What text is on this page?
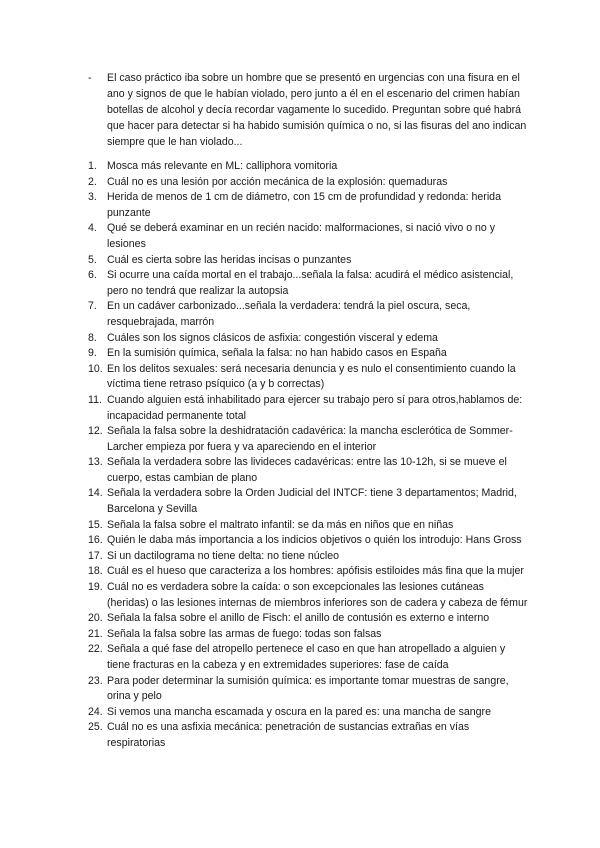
- El caso práctico iba sobre un hombre que se presentó en urgencias con una fisura en el ano y signos de que le habían violado, pero junto a él en el escenario del crimen habían botellas de alcohol y decía recordar vagamente lo sucedido. Preguntan sobre qué habrá que hacer para detectar si ha habido sumisión química o no, si las fisuras del ano indican siempre que le han violado...
1. Mosca más relevante en ML: calliphora vomitoria
2. Cuál no es una lesión por acción mecánica de la explosión: quemaduras
3. Herida de menos de 1 cm de diámetro, con 15 cm de profundidad y redonda: herida punzante
4. Qué se deberá examinar en un recién nacido: malformaciones, si nació vivo o no y lesiones
5. Cuál es cierta sobre las heridas incisas o punzantes
6. Si ocurre una caída mortal en el trabajo...señala la falsa: acudirá el médico asistencial, pero no tendrá que realizar la autopsia
7. En un cadáver carbonizado...señala la verdadera: tendrá la piel oscura, seca, resquebrajada, marrón
8. Cuáles son los signos clásicos de asfixia: congestión visceral y edema
9. En la sumisión química, señala la falsa: no han habido casos en España
10. En los delitos sexuales: será necesaria denuncia y es nulo el consentimiento cuando la víctima tiene retraso psíquico (a y b correctas)
11. Cuando alguien está inhabilitado para ejercer su trabajo pero sí para otros,hablamos de: incapacidad permanente total
12. Señala la falsa sobre la deshidratación cadavérica: la mancha esclerótica de Sommer-Larcher empieza por fuera y va apareciendo en el interior
13. Señala la verdadera sobre las livideces cadavéricas: entre las 10-12h, si se mueve el cuerpo, estas cambian de plano
14. Señala la verdadera sobre la Orden Judicial del INTCF: tiene 3 departamentos; Madrid, Barcelona y Sevilla
15. Señala la falsa sobre el maltrato infantil: se da más en niños que en niñas
16. Quién le daba más importancia a los indicios objetivos o quién los introdujo: Hans Gross
17. Si un dactilograma no tiene delta: no tiene núcleo
18. Cuál es el hueso que caracteriza a los hombres: apófisis estiloides más fina que la mujer
19. Cuál no es verdadera sobre la caída: o son excepcionales las lesiones cutáneas (heridas) o las lesiones internas de miembros inferiores son de cadera y cabeza de fémur
20. Señala la falsa sobre el anillo de Fisch: el anillo de contusión es externo e interno
21. Señala la falsa sobre las armas de fuego: todas son falsas
22. Señala a qué fase del atropello pertenece el caso en que han atropellado a alguien y tiene fracturas en la cabeza y en extremidades superiores: fase de caída
23. Para poder determinar la sumisión química: es importante tomar muestras de sangre, orina y pelo
24. Si vemos una mancha escamada y oscura en la pared es: una mancha de sangre
25. Cuál no es una asfixia mecánica: penetración de sustancias extrañas en vías respiratorias
